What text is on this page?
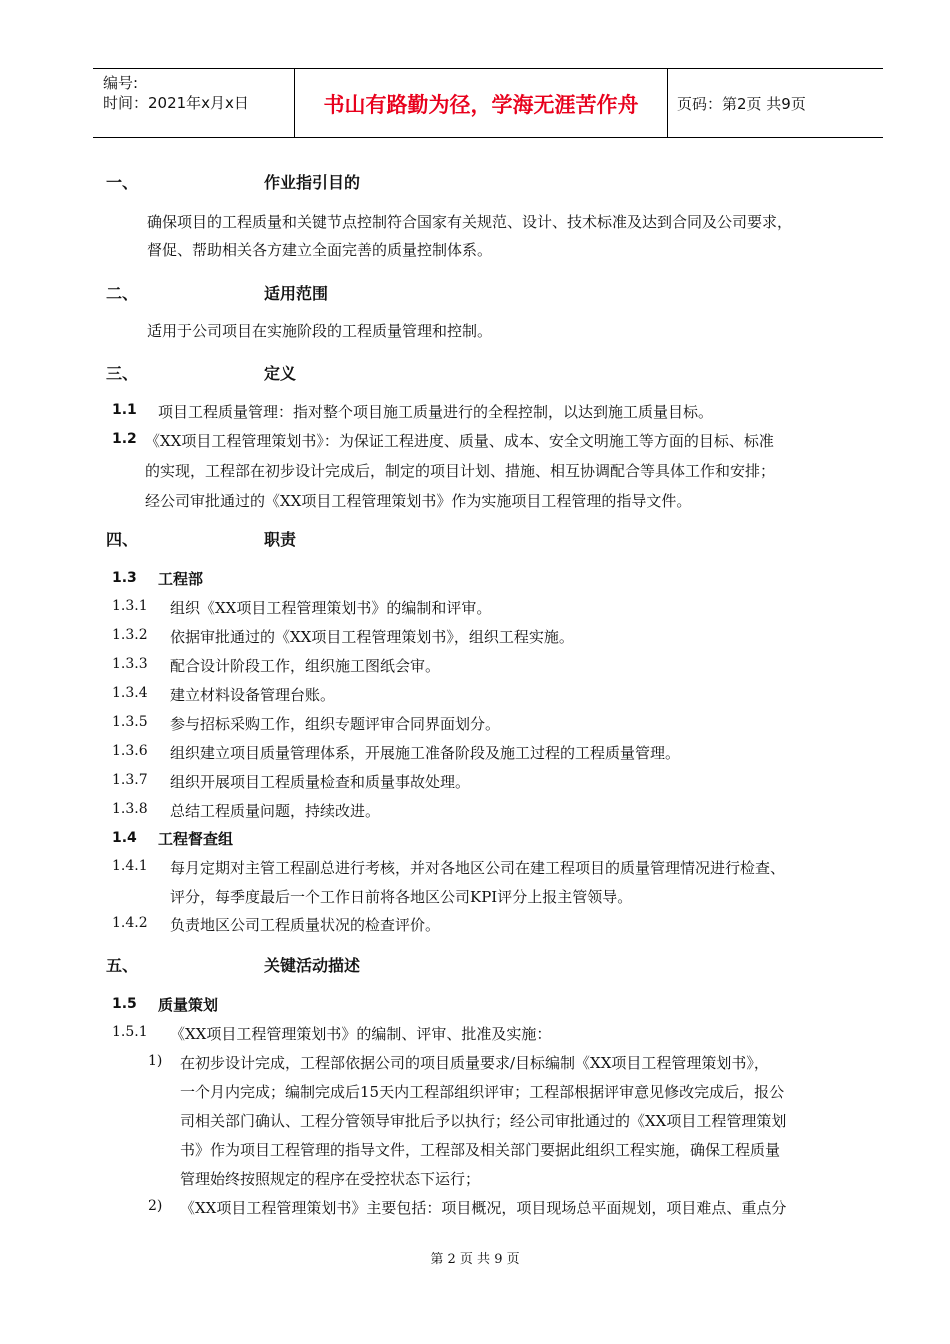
编号:
时间：2021年x月x日	书山有路勤为径，学海无涯苦作舟	页码：第2页 共9页
一、	作业指引目的
确保项目的工程质量和关键节点控制符合国家有关规范、设计、技术标准及达到合同及公司要求，
督促、帮助相关各方建立全面完善的质量控制体系。
二、	适用范围
适用于公司项目在实施阶段的工程质量管理和控制。
三、	定义
1.1 项目工程质量管理：指对整个项目施工质量进行的全程控制，以达到施工质量目标。
1.2 《XX项目工程管理策划书》：为保证工程进度、质量、成本、安全文明施工等方面的目标、标准
的实现，工程部在初步设计完成后，制定的项目计划、措施、相互协调配合等具体工作和安排；
经公司审批通过的《XX项目工程管理策划书》作为实施项目工程管理的指导文件。
四、	职责
1.3 工程部
1.3.1 组织《XX项目工程管理策划书》的编制和评审。
1.3.2 依据审批通过的《XX项目工程管理策划书》，组织工程实施。
1.3.3 配合设计阶段工作，组织施工图纸会审。
1.3.4 建立材料设备管理台账。
1.3.5 参与招标采购工作，组织专题评审合同界面划分。
1.3.6 组织建立项目质量管理体系，开展施工准备阶段及施工过程的工程质量管理。
1.3.7 组织开展项目工程质量检查和质量事故处理。
1.3.8 总结工程质量问题，持续改进。
1.4 工程督查组
1.4.1 每月定期对主管工程副总进行考核，并对各地区公司在建工程项目的质量管理情况进行检查、
评分，每季度最后一个工作日前将各地区公司KPI评分上报主管领导。
1.4.2 负责地区公司工程质量状况的检查评价。
五、	关键活动描述
1.5 质量策划
1.5.1 《XX项目工程管理策划书》的编制、评审、批准及实施：
1) 在初步设计完成，工程部依据公司的项目质量要求/目标编制《XX项目工程管理策划书》，
一个月内完成；编制完成后15天内工程部组织评审；工程部根据评审意见修改完成后，报公
司相关部门确认、工程分管领导审批后予以执行；经公司审批通过的《XX项目工程管理策划
书》作为项目工程管理的指导文件，工程部及相关部门要据此组织工程实施，确保工程质量
管理始终按照规定的程序在受控状态下运行；
2) 《XX项目工程管理策划书》主要包括：项目概况，项目现场总平面规划，项目难点、重点分
第 2 页 共 9 页
